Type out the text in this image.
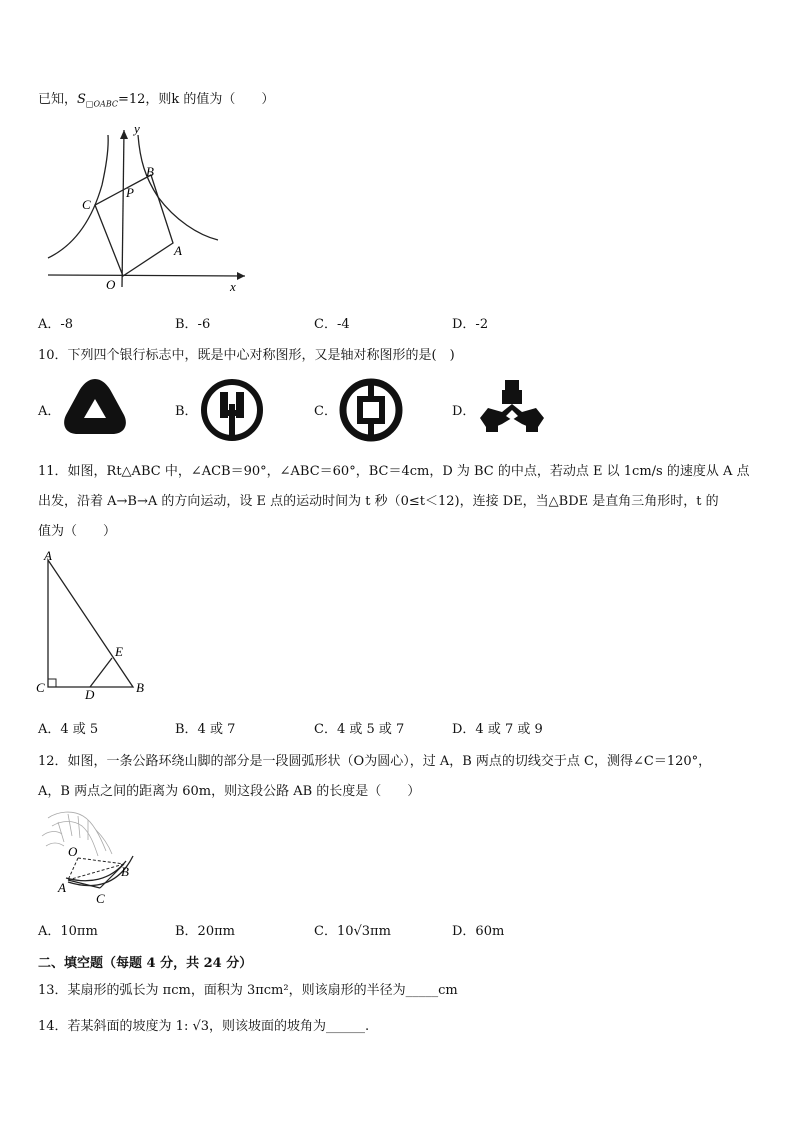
已知，$S_{□OABC}=12$，则k 的值为（　　）
y
x
O
A
B
C
P
A．-8	B．-6	C．-4	D．-2
10．下列四个银行标志中，既是中心对称图形，又是轴对称图形的是(　)
A．	B．	C．	D．
11．如图，Rt△ABC 中，∠ACB＝90°，∠ABC＝60°，BC＝4cm，D 为 BC 的中点，若动点 E 以 1cm/s 的速度从 A 点
出发，沿着 A→B→A 的方向运动，设 E 点的运动时间为 t 秒（0≤t＜12)，连接 DE，当△BDE 是直角三角形时，t 的
值为（　　）
A
C	D	B
E
A．4 或 5	B．4 或 7	C．4 或 5 或 7	D．4 或 7 或 9
12．如图，一条公路环绕山脚的部分是一段圆弧形状（O为圆心），过 A，B 两点的切线交于点 C，测得∠C＝120°，
A，B 两点之间的距离为 60m，则这段公路 AB 的长度是（　　）
O
A
B
C
A．10πm	B．20πm	C．10√3πm	D．60m
二、填空题（每题 4 分，共 24 分）
13．某扇形的弧长为 πcm，面积为 3πcm²，则该扇形的半径为_____cm
14．若某斜面的坡度为 1: √3，则该坡面的坡角为______.
